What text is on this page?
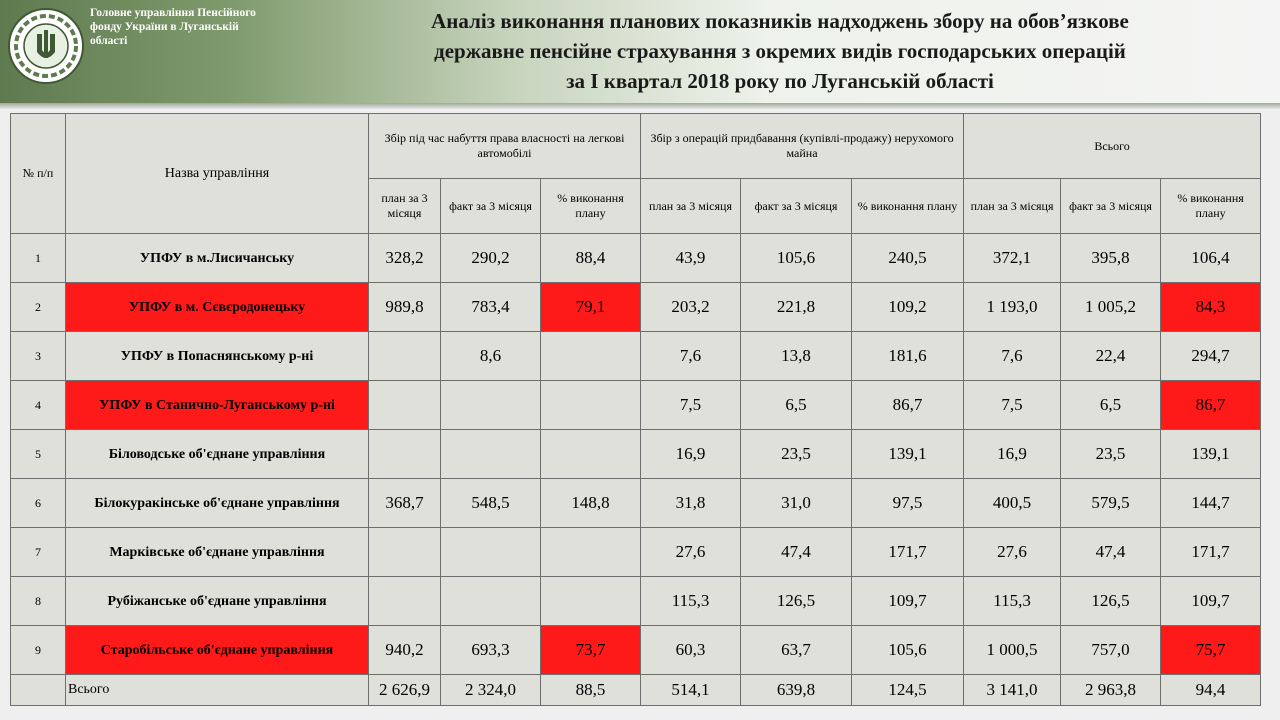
Головне управління Пенсійного
фонду України в Луганській
області
Аналіз виконання планових показників надходжень збору на обов’язкове
державне пенсійне страхування з окремих видів господарських операцій
за І квартал 2018 року по Луганській області
№ п/п	Назва управління	Збір під час набуття права власності на легкові автомобілі			Збір з операцій придбавання (купівлі-продажу) нерухомого майна			Всього		
		план за 3 місяця	факт за 3 місяця	% виконання плану	план за 3 місяця	факт за 3 місяця	% виконання плану	план за 3 місяця	факт за 3 місяця	% виконання плану
1	УПФУ в м.Лисичанську	328,2	290,2	88,4	43,9	105,6	240,5	372,1	395,8	106,4
2	УПФУ в м. Сєвєродонецьку	989,8	783,4	79,1	203,2	221,8	109,2	1 193,0	1 005,2	84,3
3	УПФУ в Попаснянському р-ні		8,6		7,6	13,8	181,6	7,6	22,4	294,7
4	УПФУ в Станично-Луганському р-ні				7,5	6,5	86,7	7,5	6,5	86,7
5	Біловодське об'єднане управління				16,9	23,5	139,1	16,9	23,5	139,1
6	Білокуракінське об'єднане управління	368,7	548,5	148,8	31,8	31,0	97,5	400,5	579,5	144,7
7	Марківське об'єднане управління				27,6	47,4	171,7	27,6	47,4	171,7
8	Рубіжанське об'єднане управління				115,3	126,5	109,7	115,3	126,5	109,7
9	Старобільське об'єднане управління	940,2	693,3	73,7	60,3	63,7	105,6	1 000,5	757,0	75,7
	Всього	2 626,9	2 324,0	88,5	514,1	639,8	124,5	3 141,0	2 963,8	94,4
